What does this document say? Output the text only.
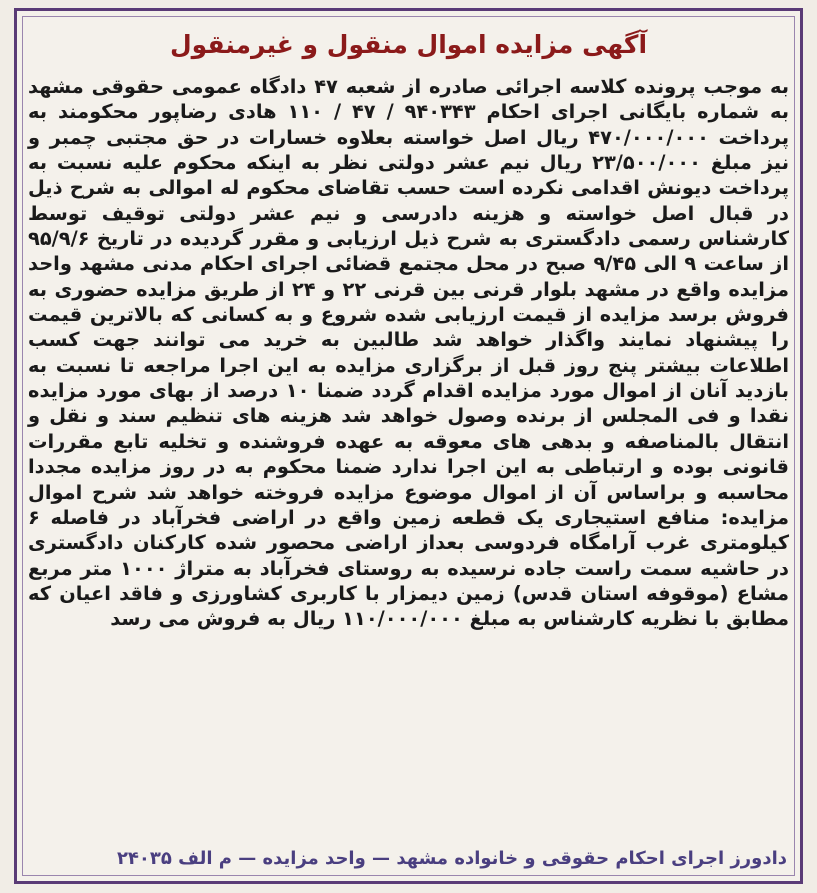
آگهی مزایده اموال منقول و غیرمنقول

به موجب پرونده کلاسه اجرائی صادره از شعبه ۴۷ دادگاه عمومی حقوقی مشهد به شماره بایگانی اجرای احکام ۹۴۰۳۴۳ / ۴۷ / ۱۱۰ هادی رضاپور محکومند به پرداخت ۴۷۰/۰۰۰/۰۰۰ ریال اصل خواسته بعلاوه خسارات در حق مجتبی چمبر و نیز مبلغ ۲۳/۵۰۰/۰۰۰ ریال نیم عشر دولتی نظر به اینکه محکوم علیه نسبت به پرداخت دیونش اقدامی نکرده است حسب تقاضای محکوم له اموالی به شرح ذیل در قبال اصل خواسته و هزینه دادرسی و نیم عشر دولتی توقیف توسط کارشناس رسمی دادگستری به شرح ذیل ارزیابی و مقرر گردیده در تاریخ ۹۵/۹/۶ از ساعت ۹ الی ۹/۴۵ صبح در محل مجتمع قضائی اجرای احکام مدنی مشهد واحد مزایده واقع در مشهد بلوار قرنی بین قرنی ۲۲ و ۲۴ از طریق مزایده حضوری به فروش برسد مزایده از قیمت ارزیابی شده شروع و به کسانی که بالاترین قیمت را پیشنهاد نمایند واگذار خواهد شد طالبین به خرید می توانند جهت کسب اطلاعات بیشتر پنج روز قبل از برگزاری مزایده به این اجرا مراجعه تا نسبت به بازدید آنان از اموال مورد مزایده اقدام گردد ضمنا ۱۰ درصد از بهای مورد مزایده نقدا و فی المجلس از برنده وصول خواهد شد هزینه های تنظیم سند و نقل و انتقال بالمناصفه و بدهی های معوقه به عهده فروشنده و تخلیه تابع مقررات قانونی بوده و ارتباطی به این اجرا ندارد ضمنا محکوم به در روز مزایده مجددا محاسبه و براساس آن از اموال موضوع مزایده فروخته خواهد شد شرح اموال مزایده: منافع استیجاری یک قطعه زمین واقع در اراضی فخرآباد در فاصله ۶ کیلومتری غرب آرامگاه فردوسی بعداز اراضی محصور شده کارکنان دادگستری در حاشیه سمت راست جاده نرسیده به روستای فخرآباد به متراژ ۱۰۰۰ متر مربع مشاع (موقوفه استان قدس) زمین دیمزار با کاربری کشاورزی و فاقد اعیان که مطابق با نظریه کارشناس به مبلغ ۱۱۰/۰۰۰/۰۰۰ ریال به فروش می رسد

دادورز اجرای احکام حقوقی و خانواده مشهد — واحد مزایده — م الف ۲۴۰۳۵
